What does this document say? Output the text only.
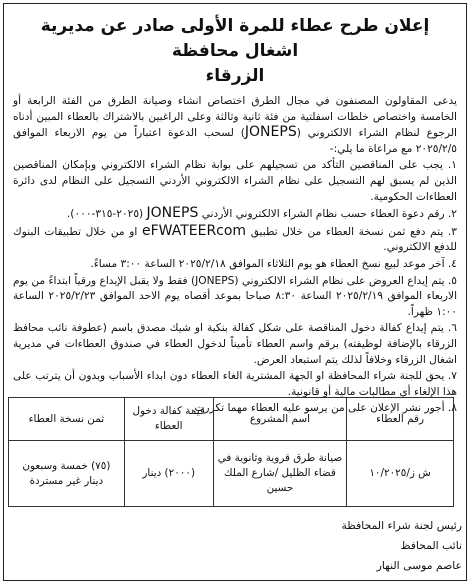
إعلان طرح عطاء للمرة الأولى صادر عن مديرية اشغال محافظة
الزرقاء

يدعى المقاولون المصنفون في مجال الطرق اختصاص انشاء وصيانة الطرق من الفئة الرابعة أو الخامسة واختصاص خلطات اسفلتية من فئة ثانية وثالثة وعلى الراغبين بالاشتراك بالعطاء المبين أدناه الرجوع لنظام الشراء الالكتروني (JONEPS) لسحب الدعوة اعتباراً من يوم الاربعاء الموافق ٢٠٢٥/٢/٥ مع مراعاة ما يلي:-

١. يجب على المناقصين التأكد من تسجيلهم على بوابة نظام الشراء الالكتروني وبإمكان المناقصين الذين لم يسبق لهم التسجيل على نظام الشراء الالكتروني الأردني التسجيل على النظام لدى دائرة العطاءات الحكومية.

٢. رقم دعوة العطاء حسب نظام الشراء الالكتروني الأردني JONEPS (٢٠٢٥-٣١٥-٠٠٠).

٣. يتم دفع ثمن نسخة العطاء من خلال تطبيق eFWATEERcom او من خلال تطبيقات البنوك للدفع الالكتروني.

٤. آخر موعد لبيع نسخ العطاء هو يوم الثلاثاء الموافق ٢٠٢٥/٢/١٨ الساعة ٣:٠٠ مساءً.

٥. يتم إيداع العروض على نظام الشراء الالكتروني (JONEPS) فقط ولا يقبل الإيداع ورقياً ابتداءً من يوم الاربعاء الموافق ٢٠٢٥/٢/١٩ الساعة ٨:٣٠ صباحا بموعد أقصاه يوم الاحد الموافق ٢٠٢٥/٢/٢٣ الساعة ١:٠٠ ظهراً.

٦. يتم إيداع كفالة دخول المناقصة على شكل كفالة بنكية او شيك مصدق باسم (عطوفة نائب محافظ الزرقاء بالإضافة لوظيفته) برقم واسم العطاء تأميناً لدخول العطاء في صندوق العطاءات في مديرية اشغال الزرقاء وخلافاً لذلك يتم استبعاد العرض.

٧. يحق للجنة شراء المحافظة او الجهة المشترية الغاء العطاء دون ابداء الأسباب وبدون أن يترتب على هذا الإلغاء أي مطالبات مالية أو قانونية.

٨. أجور نشر الإعلان على من يرسو عليه العطاء مهما تكررت.

رقم العطاء	اسم المشروع	قيمة كفالة دخول العطاء	ثمن نسخة العطاء
ش ز/١٠/٢٠٢٥	صيانة طرق قروية وثانوية في قضاء الظليل /شارع الملك حسين	(٢٠٠٠) دينار	(٧٥) خمسة وسبعون دينار غير مستردة
رئيس لجنة شراء المحافظة
نائب المحافظ
عاصم موسى النهار
